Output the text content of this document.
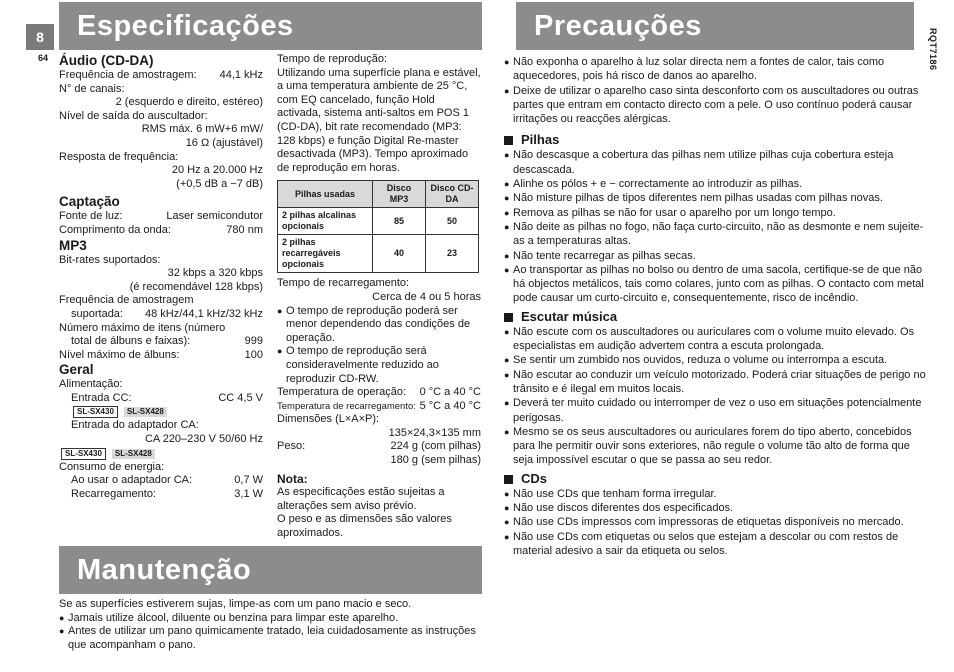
8
64	RQT7186
Especificações	Precauções
Manutenção
Áudio (CD-DA)
Frequência de amostragem: 44,1 kHz
N° de canais:
2 (esquerdo e direito, estéreo)
Nível de saída do auscultador:
RMS máx. 6 mW+6 mW/
16 Ω (ajustável)
Resposta de frequência:
20 Hz a 20.000 Hz
(+0,5 dB a −7 dB)
Captação
Fonte de luz:	Laser semicondutor
Comprimento da onda:	780 nm
MP3
Bit-rates suportados:
32 kbps a 320 kbps
(é recomendável 128 kbps)
Frequência de amostragem
suportada: 48 kHz/44,1 kHz/32 kHz
Número máximo de itens (número
total de álbuns e faixas):	999
Nível máximo de álbuns:	100
Geral
Alimentação:
Entrada CC:	CC 4,5 V
SL-SX430	SL-SX428
Entrada do adaptador CA:
CA 220–230 V 50/60 Hz
SL-SX430	SL-SX428
Consumo de energia:
Ao usar o adaptador CA:	0,7 W
Recarregamento:	3,1 W
Tempo de reprodução:
Utilizando uma superfície plana e estável, a uma temperatura ambiente de 25 °C, com EQ cancelado, função Hold activada, sistema anti-saltos em POS 1 (CD-DA), bit rate recomendado (MP3: 128 kbps) e função Digital Re-master desactivada (MP3). Tempo aproximado de reprodução em horas.
Pilhas usadas	Disco MP3	Disco CD-DA
2 pilhas alcalinas opcionais	85	50
2 pilhas recarregáveis opcionais	40	23
Tempo de recarregamento:
Cerca de 4 ou 5 horas
● O tempo de reprodução poderá ser menor dependendo das condições de operação.
● O tempo de reprodução será consideravelmente reduzido ao reproduzir CD-RW.
Temperatura de operação: 0 °C a 40 °C
Temperatura de recarregamento: 5 °C a 40 °C
Dimensões (L×A×P):
135×24,3×135 mm
Peso:	224 g (com pilhas)
180 g (sem pilhas)
Nota:
As especificações estão sujeitas a alterações sem aviso prévio.
O peso e as dimensões são valores aproximados.
Se as superfícies estiverem sujas, limpe-as com um pano macio e seco.
● Jamais utilize álcool, diluente ou benzina para limpar este aparelho.
● Antes de utilizar um pano quimicamente tratado, leia cuidadosamente as instruções que acompanham o pano.
● Não exponha o aparelho à luz solar directa nem a fontes de calor, tais como aquecedores, pois há risco de danos ao aparelho.
● Deixe de utilizar o aparelho caso sinta desconforto com os auscultadores ou outras partes que entram em contacto directo com a pele. O uso contínuo poderá causar irritações ou reacções alérgicas.
Pilhas
● Não descasque a cobertura das pilhas nem utilize pilhas cuja cobertura esteja descascada.
● Alinhe os pólos + e − correctamente ao introduzir as pilhas.
● Não misture pilhas de tipos diferentes nem pilhas usadas com pilhas novas.
● Remova as pilhas se não for usar o aparelho por um longo tempo.
● Não deite as pilhas no fogo, não faça curto-circuito, não as desmonte e nem sujeite-as a temperaturas altas.
● Não tente recarregar as pilhas secas.
● Ao transportar as pilhas no bolso ou dentro de uma sacola, certifique-se de que não há objectos metálicos, tais como colares, junto com as pilhas. O contacto com metal pode causar um curto-circuito e, consequentemente, risco de incêndio.
Escutar música
● Não escute com os auscultadores ou auriculares com o volume muito elevado. Os especialistas em audição advertem contra a escuta prolongada.
● Se sentir um zumbido nos ouvidos, reduza o volume ou interrompa a escuta.
● Não escutar ao conduzir um veículo motorizado. Poderá criar situações de perigo no trânsito e é ilegal em muitos locais.
● Deverá ter muito cuidado ou interromper de vez o uso em situações potencialmente perigosas.
● Mesmo se os seus auscultadores ou auriculares forem do tipo aberto, concebidos para lhe permitir ouvir sons exteriores, não regule o volume tão alto de forma que seja impossível escutar o que se passa ao seu redor.
CDs
● Não use CDs que tenham forma irregular.
● Não use discos diferentes dos especificados.
● Não use CDs impressos com impressoras de etiquetas disponíveis no mercado.
● Não use CDs com etiquetas ou selos que estejam a descolar ou com restos de material adesivo a sair da etiqueta ou selos.
